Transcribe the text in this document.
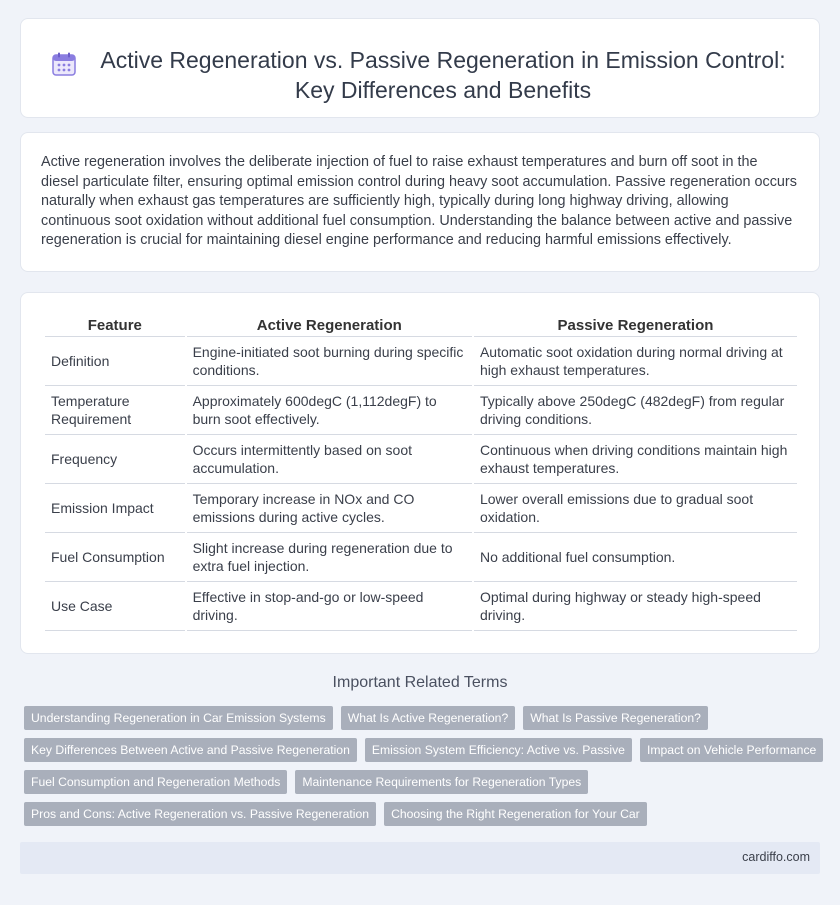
Active Regeneration vs. Passive Regeneration in Emission Control: Key Differences and Benefits

Active regeneration involves the deliberate injection of fuel to raise exhaust temperatures and burn off soot in the diesel particulate filter, ensuring optimal emission control during heavy soot accumulation. Passive regeneration occurs naturally when exhaust gas temperatures are sufficiently high, typically during long highway driving, allowing continuous soot oxidation without additional fuel consumption. Understanding the balance between active and passive regeneration is crucial for maintaining diesel engine performance and reducing harmful emissions effectively.

Feature	Active Regeneration	Passive Regeneration
Definition	Engine-initiated soot burning during specific conditions.	Automatic soot oxidation during normal driving at high exhaust temperatures.
Temperature Requirement	Approximately 600degC (1,112degF) to burn soot effectively.	Typically above 250degC (482degF) from regular driving conditions.
Frequency	Occurs intermittently based on soot accumulation.	Continuous when driving conditions maintain high exhaust temperatures.
Emission Impact	Temporary increase in NOx and CO emissions during active cycles.	Lower overall emissions due to gradual soot oxidation.
Fuel Consumption	Slight increase during regeneration due to extra fuel injection.	No additional fuel consumption.
Use Case	Effective in stop-and-go or low-speed driving.	Optimal during highway or steady high-speed driving.
Important Related Terms
Understanding Regeneration in Car Emission Systems	What Is Active Regeneration?	What Is Passive Regeneration?
Key Differences Between Active and Passive Regeneration	Emission System Efficiency: Active vs. Passive	Impact on Vehicle Performance
Fuel Consumption and Regeneration Methods	Maintenance Requirements for Regeneration Types
Pros and Cons: Active Regeneration vs. Passive Regeneration	Choosing the Right Regeneration for Your Car
cardiffo.com
